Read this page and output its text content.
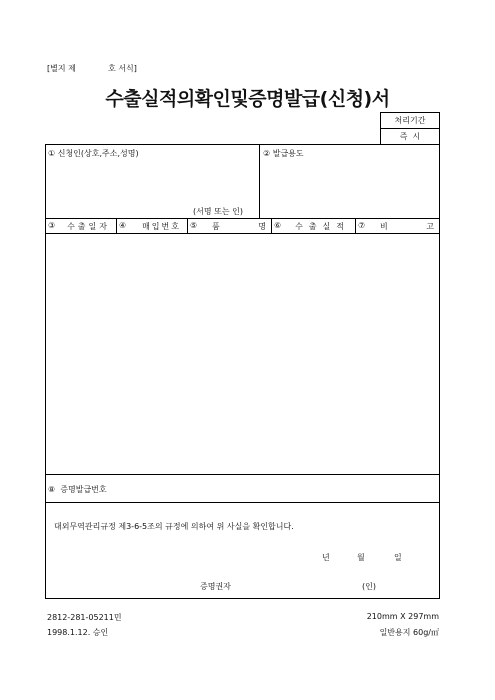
[별지 제	호 서식]
수출실적의확인및증명발급(신청)서
처리기간
즉  시
① 신청인(상호,주소,성명)
(서명 또는 인)
② 발급용도
③ 수출일자 ④ 매입번호 ⑤ 품 명 ⑥ 수출실적 ⑦ 비 고
⑧  증명발급번호
대외무역관리규정 제3-6-5조의 규정에 의하여 위 사실을 확인합니다.
년	월	일
증명권자	(인)
2812-281-05211민
1998.1.12. 승인
210mm X 297mm
일반용지 60g/㎡
